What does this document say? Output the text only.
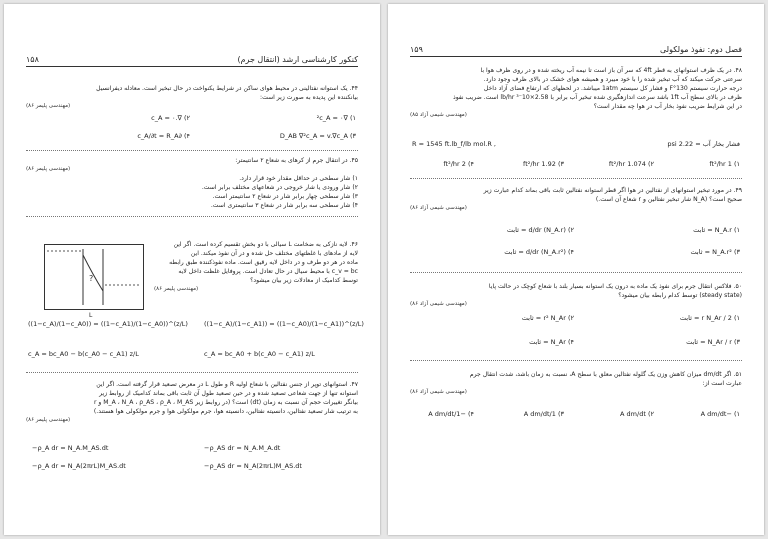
کنکور کارشناسی ارشد (انتقال جرم)
۱۵۸
۴۴. یک استوانه نفتالینی در محیط هوای ساکن در شرایط یکنواخت در حال تبخیر است. معادله دیفرانسیل
بیانکننده این پدیده به صورت زیر است:
(مهندسی پلیمر ۸۶)
۱) ∇²c_A = ۰
۲) ∇.c_A = ۰
۳) D_AB ∇²c_A = v.∇c_A
۴) ∂c_A/∂t = R_A
۴۵. در انتقال جرم از کرهای به شعاع ۲ سانتیمتر:
(مهندسی پلیمر ۸۶)
۱) شار سطحی در حداقل مقدار خود قرار دارد.
۲) شار ورودی یا شار خروجی در شعاعهای مختلف برابر است.
۳) شار سطحی چهار برابر شار در شعاع ۲ سانتیمتر است.
۴) شار سطحی سه برابر شار در شعاع ۳ سانتیمتری است.
۴۶. لایه نازکی به ضخامت L سیالی با دو بخش تقسیم کرده است. اگر این
لایه از مادهای با غلظتهای مختلف حل شده و در آن نفوذ میکند. این
ماده در هر دو طرف و در داخل لایه رقیق است. ماده نفوذکننده طبق رابطه
c_v = bc با محیط سیال در حال تعادل است. پروفایل غلظت داخل لایه
توسط کدامیک از معادلات زیر بیان میشود؟
(مهندسی پلیمر ۸۶)
?
L
((1−c_A)/(1−c_A1)) = ((1−c_A0)/(1−c_A1))^(z/L)
((1−c_A)/(1−c_A0)) = ((1−c_A1)/(1−c_A0))^(z/L)
c_A = bc_A0 + b(c_A0 − c_A1) z/L
c_A = bc_A0 − b(c_A0 − c_A1) z/L
۴۷. استوانهای توپر از جنس نفتالین با شعاع اولیه R و طول L در معرض تصعید قرار گرفته است. اگر این
استوانه تنها از جهت شعاعی تصعید شده و در حین تصعید طول آن ثابت باقی بماند کدامیک از روابط زیر
بیانگر تغییرات حجم آن نسبت به زمان (dt) است؟ (در روابط زیر M_A ، N_A ، ρ_AS ، ρ_A ، M_AS و r
به ترتیب شار تصعید نفتالین، دانسیته نفتالین، دانسیته هوا، جرم مولکولی هوا و جرم مولکولی هوا هستند.)
(مهندسی پلیمر ۸۶)
−ρ_AS dr = N_A.M_A.dt
−ρ_A dr = N_A.M_AS.dt
−ρ_AS dr = N_A(2πrL)M_AS.dt
−ρ_A dr = N_A(2πrL)M_AS.dt
فصل دوم: نفوذ مولکولی
۱۵۹
۴۸. در یک ظرف استوانهای به قطر 4ft که سر آن باز است تا نیمه آب ریخته شده و در روی ظرف هوا با
سرعتی حرکت میکند که آب تبخیر شده را با خود میبرد و همیشه هوای خشک در بالای ظرف وجود دارد.
درجه حرارت سیستم 130°F و فشار کل سیستم 1atm میباشد. در لحظهای که ارتفاع فضای آزاد داخل
ظرف در بالای سطح آب 1ft باشد سرعت اندازهگیری شده تبخیر آب برابر با 2.58×10⁻³ lb/hr است. ضریب نفوذ
در این شرایط ضریب نفوذ بخار آب در هوا چه مقدار است؟
(مهندسی شیمی آزاد ۸۵)
R = 1545 ft.lb_f/lb mol.R ,	فشار بخار آب = 2.22 psi
۱) 1 ft²/hr
۲) 1.074 ft²/hr
۳) 1.92 ft²/hr
۴) 2 ft²/hr
۴۹. در مورد تبخیر استوانهای از نفتالین در هوا اگر قطر استوانه نفتالین ثابت باقی بماند کدام عبارت زیر
صحیح است؟ (N_A شار تبخیر نفتالین و r شعاع آن است.)
(مهندسی شیمی آزاد ۸۶)
۱) N_A.r = ثابت
۲) d/dr (N_A.r) = ثابت
۳) N_A.r² = ثابت
۴) d/dr (N_A.r²) = ثابت
۵۰. فلاکس انتقال جرم برای نفوذ یک ماده به درون یک استوانه بسیار بلند با شعاع کوچک در حالت پایا
(steady state) توسط کدام رابطه بیان میشود؟
(مهندسی شیمی آزاد ۸۶)
۱) r N_Ar / 2 = ثابت
۲) r² N_Ar = ثابت
۳) N_Ar / r = ثابت
۴) N_Ar = ثابت
۵۱. اگر dm/dt میزان کاهش وزن یک گلوله نفتالین معلق با سطح A، نسبت به زمان باشد، شدت انتقال جرم
عبارت است از:
(مهندسی شیمی آزاد ۸۶)
۱) −A dm/dt
۲) A dm/dt
۳) 1/A dm/dt
۴) −1/A dm/dt
